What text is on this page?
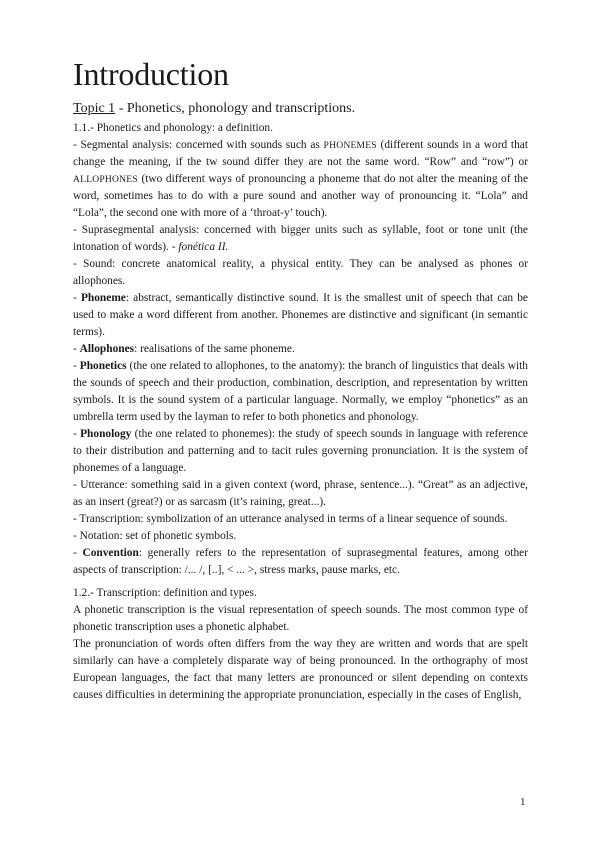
Introduction
Topic 1 - Phonetics, phonology and transcriptions.

1.1.- Phonetics and phonology: a definition.

- Segmental analysis: concerned with sounds such as PHONEMES (different sounds in a word that change the meaning, if the tw sound differ they are not the same word. “Row” and “row”) or ALLOPHONES (two different ways of pronouncing a phoneme that do not alter the meaning of the word, sometimes has to do with a pure sound and another way of pronouncing it. “Lola” and “Lola”, the second one with more of a ‘throat-y’ touch).

- Suprasegmental analysis: concerned with bigger units such as syllable, foot or tone unit (the intonation of words). - fonética II.

- Sound: concrete anatomical reality, a physical entity. They can be analysed as phones or allophones.

- Phoneme: abstract, semantically distinctive sound. It is the smallest unit of speech that can be used to make a word different from another. Phonemes are distinctive and significant (in semantic terms).

- Allophones: realisations of the same phoneme.

- Phonetics (the one related to allophones, to the anatomy): the branch of linguistics that deals with the sounds of speech and their production, combination, description, and representation by written symbols. It is the sound system of a particular language. Normally, we employ “phonetics” as an umbrella term used by the layman to refer to both phonetics and phonology.

- Phonology (the one related to phonemes): the study of speech sounds in language with reference to their distribution and patterning and to tacit rules governing pronunciation. It is the system of phonemes of a language.

- Utterance: something said in a given context (word, phrase, sentence...). “Great” as an adjective, as an insert (great?) or as sarcasm (it’s raining, great...).

- Transcription: symbolization of an utterance analysed in terms of a linear sequence of sounds.

- Notation: set of phonetic symbols.

- Convention: generally refers to the representation of suprasegmental features, among other aspects of transcription: /... /, [..], < ... >, stress marks, pause marks, etc.

1.2.- Transcription: definition and types.

A phonetic transcription is the visual representation of speech sounds. The most common type of phonetic transcription uses a phonetic alphabet.

The pronunciation of words often differs from the way they are written and words that are spelt similarly can have a completely disparate way of being pronounced. In the orthography of most European languages, the fact that many letters are pronounced or silent depending on contexts causes difficulties in determining the appropriate pronunciation, especially in the cases of English,

1
